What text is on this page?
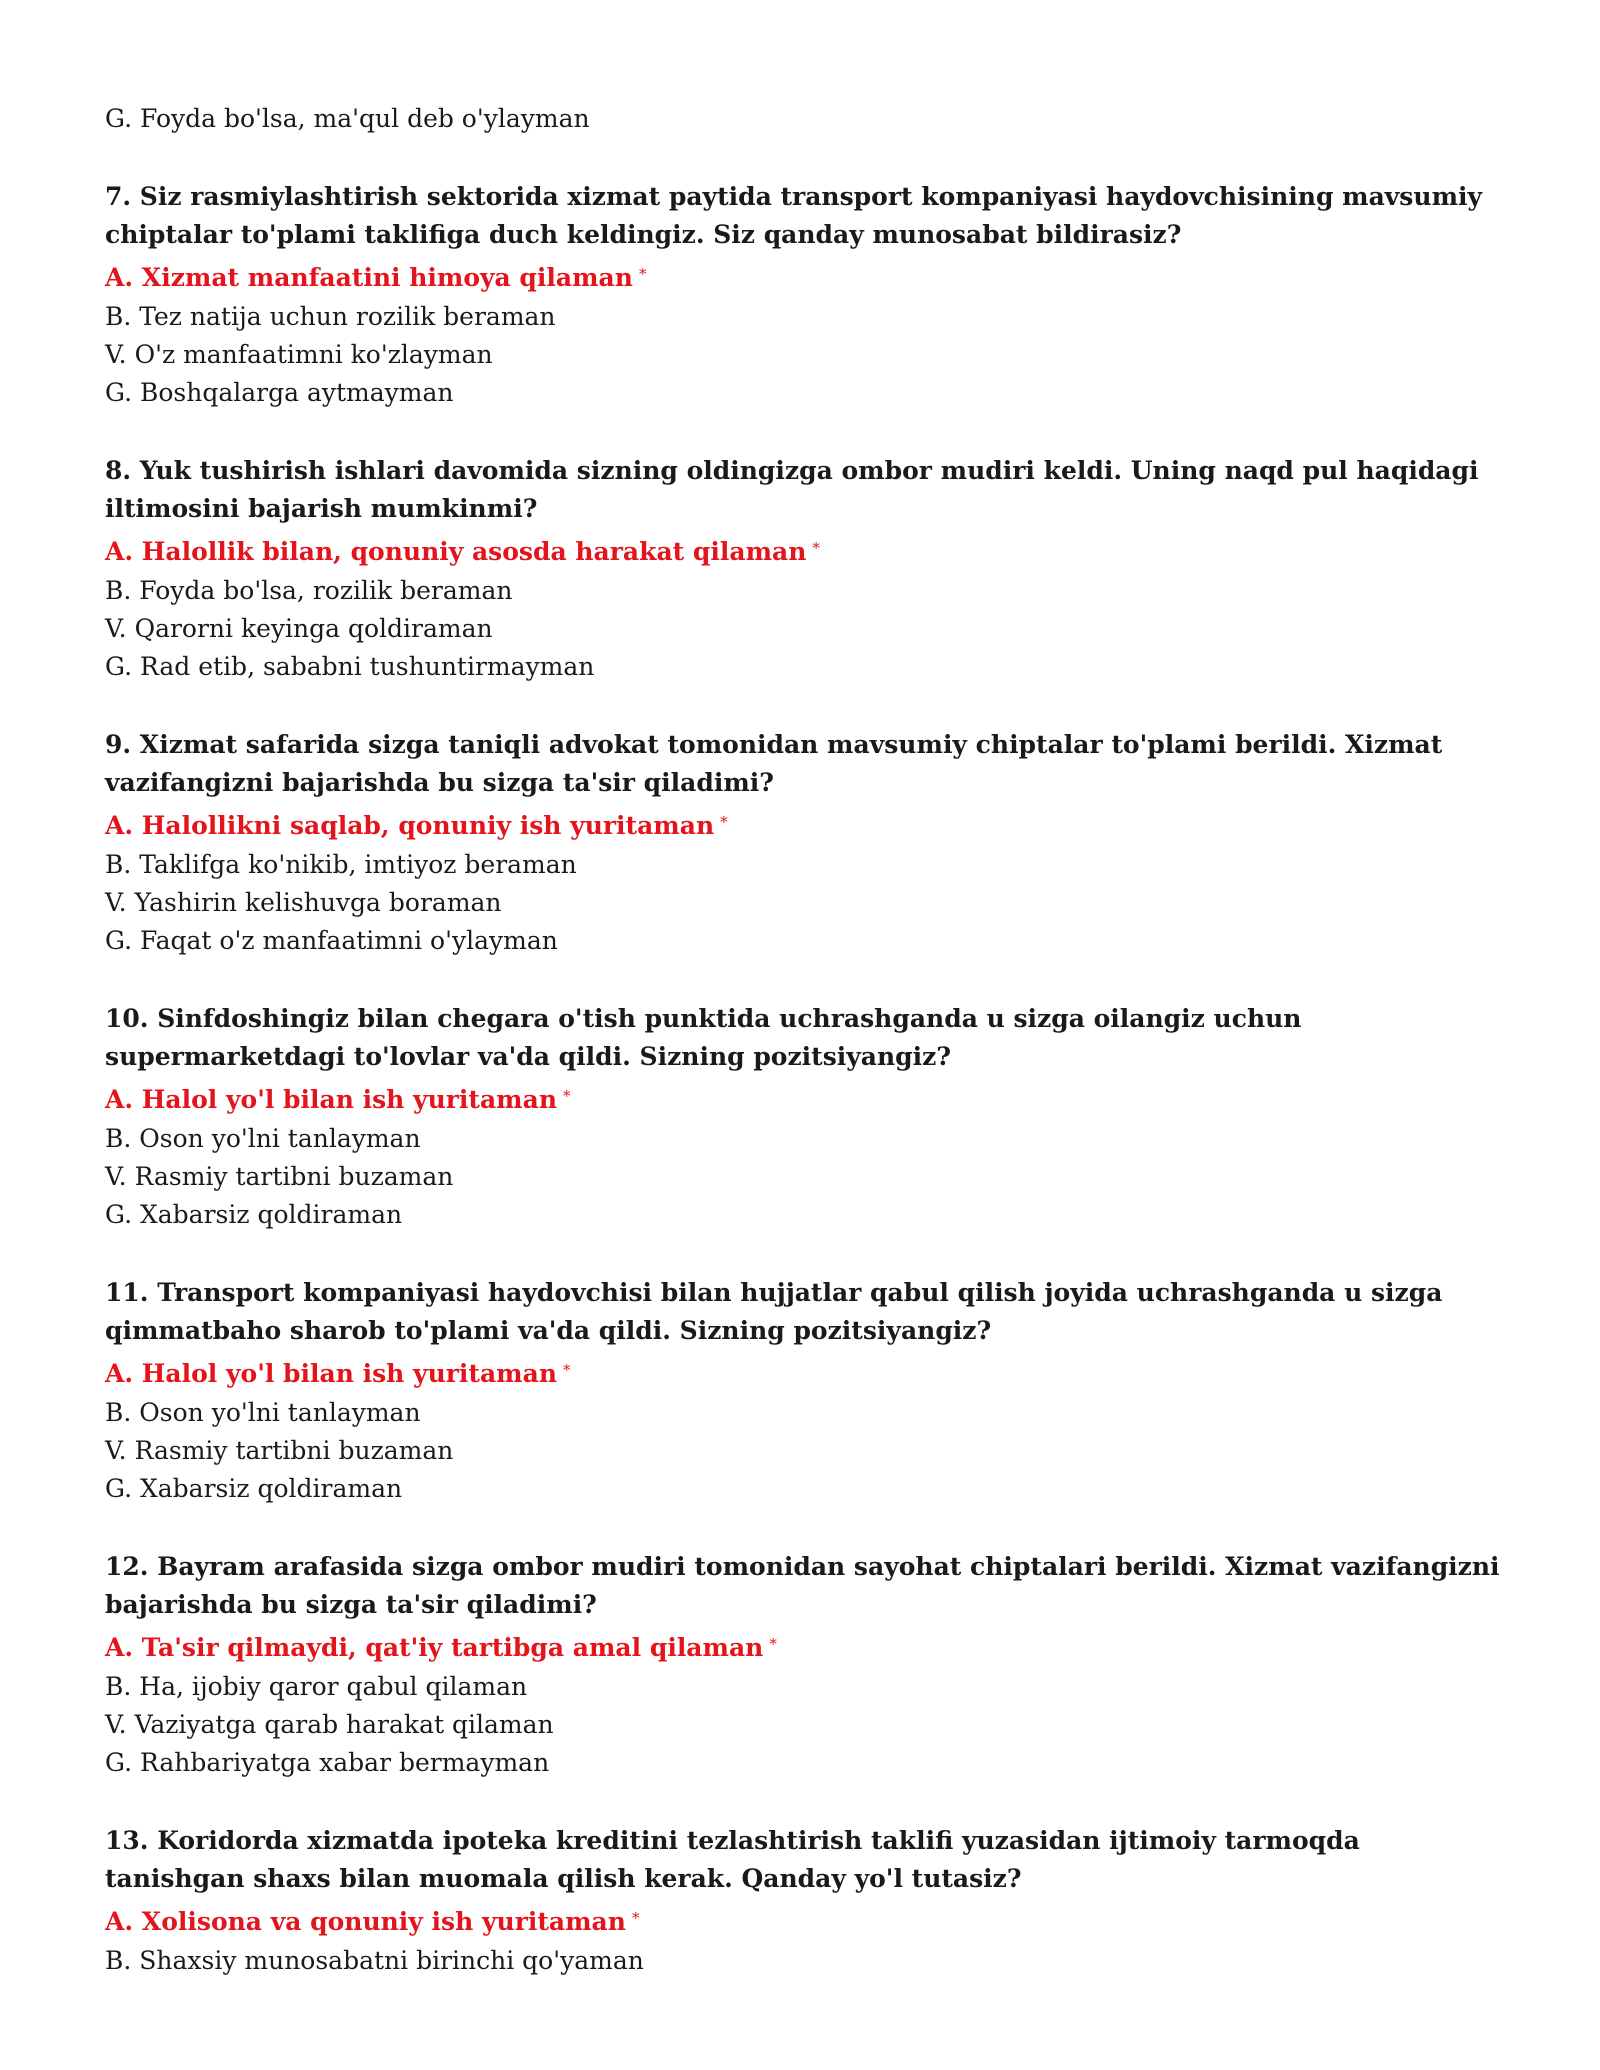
G. Foyda bo'lsa, ma'qul deb o'ylayman
7. Siz rasmiylashtirish sektorida xizmat paytida transport kompaniyasi haydovchisining mavsumiy chiptalar to'plami taklifiga duch keldingiz. Siz qanday munosabat bildirasiz?
A. Xizmat manfaatini himoya qilaman *
B. Tez natija uchun rozilik beraman
V. O'z manfaatimni ko'zlayman
G. Boshqalarga aytmayman
8. Yuk tushirish ishlari davomida sizning oldingizga ombor mudiri keldi. Uning naqd pul haqidagi iltimosini bajarish mumkinmi?
A. Halollik bilan, qonuniy asosda harakat qilaman *
B. Foyda bo'lsa, rozilik beraman
V. Qarorni keyinga qoldiraman
G. Rad etib, sababni tushuntirmayman
9. Xizmat safarida sizga taniqli advokat tomonidan mavsumiy chiptalar to'plami berildi. Xizmat vazifangizni bajarishda bu sizga ta'sir qiladimi?
A. Halollikni saqlab, qonuniy ish yuritaman *
B. Taklifga ko'nikib, imtiyoz beraman
V. Yashirin kelishuvga boraman
G. Faqat o'z manfaatimni o'ylayman
10. Sinfdoshingiz bilan chegara o'tish punktida uchrashganda u sizga oilangiz uchun supermarketdagi to'lovlar va'da qildi. Sizning pozitsiyangiz?
A. Halol yo'l bilan ish yuritaman *
B. Oson yo'lni tanlayman
V. Rasmiy tartibni buzaman
G. Xabarsiz qoldiraman
11. Transport kompaniyasi haydovchisi bilan hujjatlar qabul qilish joyida uchrashganda u sizga qimmatbaho sharob to'plami va'da qildi. Sizning pozitsiyangiz?
A. Halol yo'l bilan ish yuritaman *
B. Oson yo'lni tanlayman
V. Rasmiy tartibni buzaman
G. Xabarsiz qoldiraman
12. Bayram arafasida sizga ombor mudiri tomonidan sayohat chiptalari berildi. Xizmat vazifangizni bajarishda bu sizga ta'sir qiladimi?
A. Ta'sir qilmaydi, qat'iy tartibga amal qilaman *
B. Ha, ijobiy qaror qabul qilaman
V. Vaziyatga qarab harakat qilaman
G. Rahbariyatga xabar bermayman
13. Koridorda xizmatda ipoteka kreditini tezlashtirish taklifi yuzasidan ijtimoiy tarmoqda tanishgan shaxs bilan muomala qilish kerak. Qanday yo'l tutasiz?
A. Xolisona va qonuniy ish yuritaman *
B. Shaxsiy munosabatni birinchi qo'yaman
